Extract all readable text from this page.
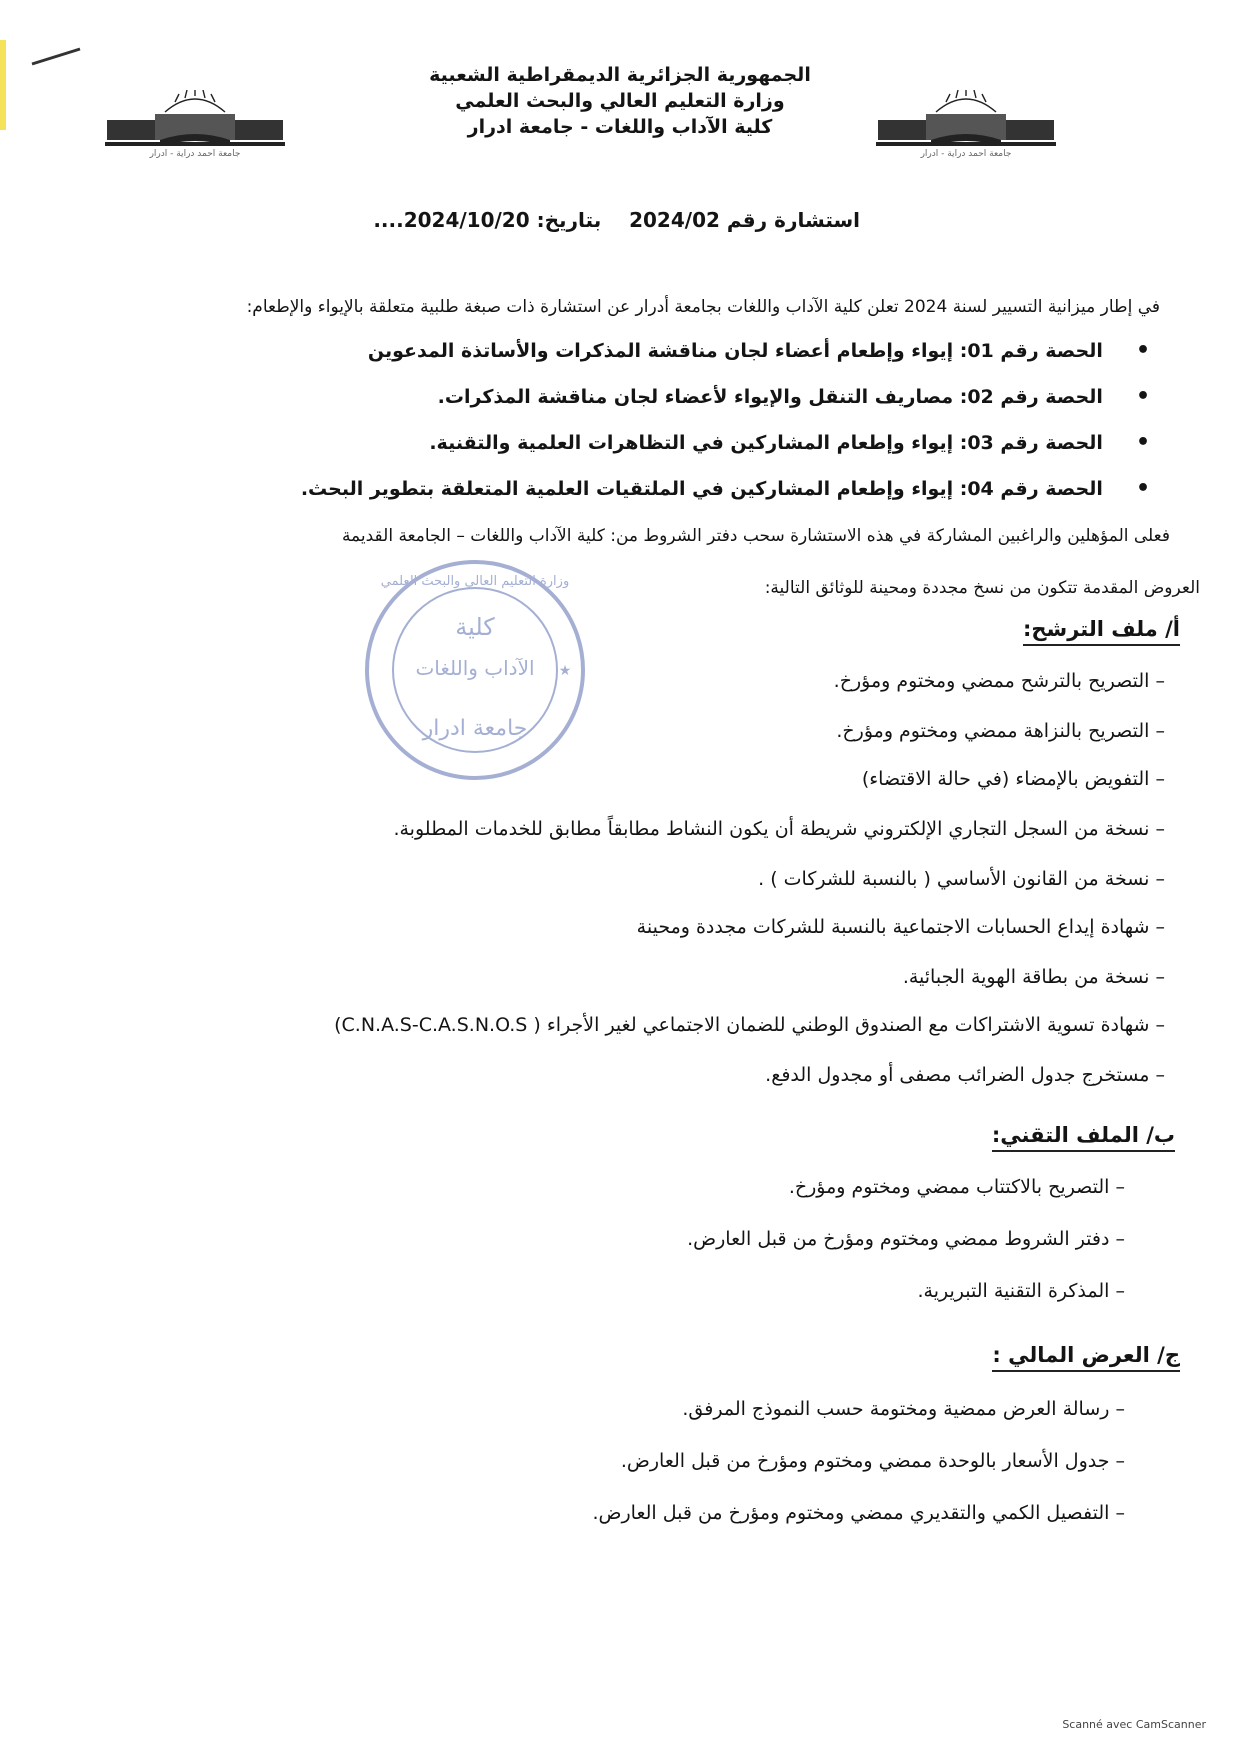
جامعة احمد دراية - ادرار	جامعة احمد دراية - ادرار
الجمهورية الجزائرية الديمقراطية الشعبية
وزارة التعليم العالي والبحث العلمي
كلية الآداب واللغات - جامعة ادرار
استشارة رقم 2024/02    بتاريخ: 2024/10/20....
في إطار ميزانية التسيير لسنة 2024 تعلن كلية الآداب واللغات بجامعة أدرار عن استشارة ذات صبغة طلبية متعلقة بالإيواء والإطعام:
•     الحصة رقم 01: إيواء وإطعام أعضاء لجان مناقشة المذكرات والأساتذة المدعوين
•     الحصة رقم 02: مصاريف التنقل والإيواء لأعضاء لجان مناقشة المذكرات.
•     الحصة رقم 03: إيواء وإطعام المشاركين في التظاهرات العلمية والتقنية.
•     الحصة رقم 04: إيواء وإطعام المشاركين في الملتقيات العلمية المتعلقة بتطوير البحث.
فعلى المؤهلين والراغبين المشاركة في هذه الاستشارة سحب دفتر الشروط من: كلية الآداب واللغات – الجامعة القديمة
العروض المقدمة تتكون من نسخ مجددة ومحينة للوثائق التالية:
وزارة التعليم العالي والبحث العلمي
كلية
الآداب واللغات
جامعة ادرار
★
أ/ ملف الترشح:
– التصريح بالترشح ممضي ومختوم ومؤرخ.
– التصريح بالنزاهة ممضي ومختوم ومؤرخ.
– التفويض بالإمضاء (في حالة الاقتضاء)
– نسخة من السجل التجاري الإلكتروني شريطة أن يكون النشاط مطابقاً مطابق للخدمات المطلوبة.
– نسخة من القانون الأساسي ( بالنسبة للشركات ) .
– شهادة إيداع الحسابات الاجتماعية بالنسبة للشركات مجددة ومحينة
– نسخة من بطاقة الهوية الجبائية.
– شهادة تسوية الاشتراكات مع الصندوق الوطني للضمان الاجتماعي لغير الأجراء ( C.N.A.S-C.A.S.N.O.S)
– مستخرج جدول الضرائب مصفى أو مجدول الدفع.
ب/ الملف التقني:
– التصريح بالاكتتاب ممضي ومختوم ومؤرخ.
– دفتر الشروط ممضي ومختوم ومؤرخ من قبل العارض.
– المذكرة التقنية التبريرية.
ج/ العرض المالي :
– رسالة العرض ممضية ومختومة حسب النموذج المرفق.
– جدول الأسعار بالوحدة ممضي ومختوم ومؤرخ من قبل العارض.
– التفصيل الكمي والتقديري ممضي ومختوم ومؤرخ من قبل العارض.
Scanné avec CamScanner
